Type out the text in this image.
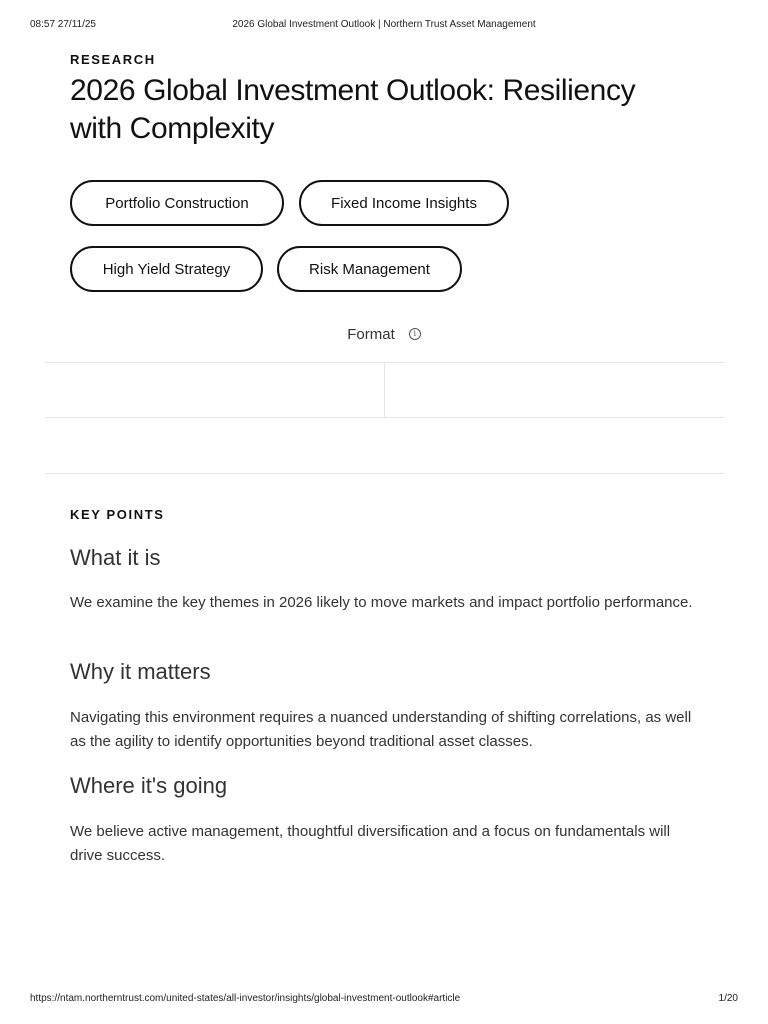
08:57 27/11/25	2026 Global Investment Outlook | Northern Trust Asset Management
RESEARCH
2026 Global Investment Outlook: Resiliency with Complexity
Portfolio Construction	Fixed Income Insights
High Yield Strategy	Risk Management
Format i
KEY POINTS
What it is

We examine the key themes in 2026 likely to move markets and impact portfolio performance.

Why it matters

Navigating this environment requires a nuanced understanding of shifting correlations, as well as the agility to identify opportunities beyond traditional asset classes.

Where it's going

We believe active management, thoughtful diversification and a focus on fundamentals will drive success.

https://ntam.northerntrust.com/united-states/all-investor/insights/global-investment-outlook#article	1/20
